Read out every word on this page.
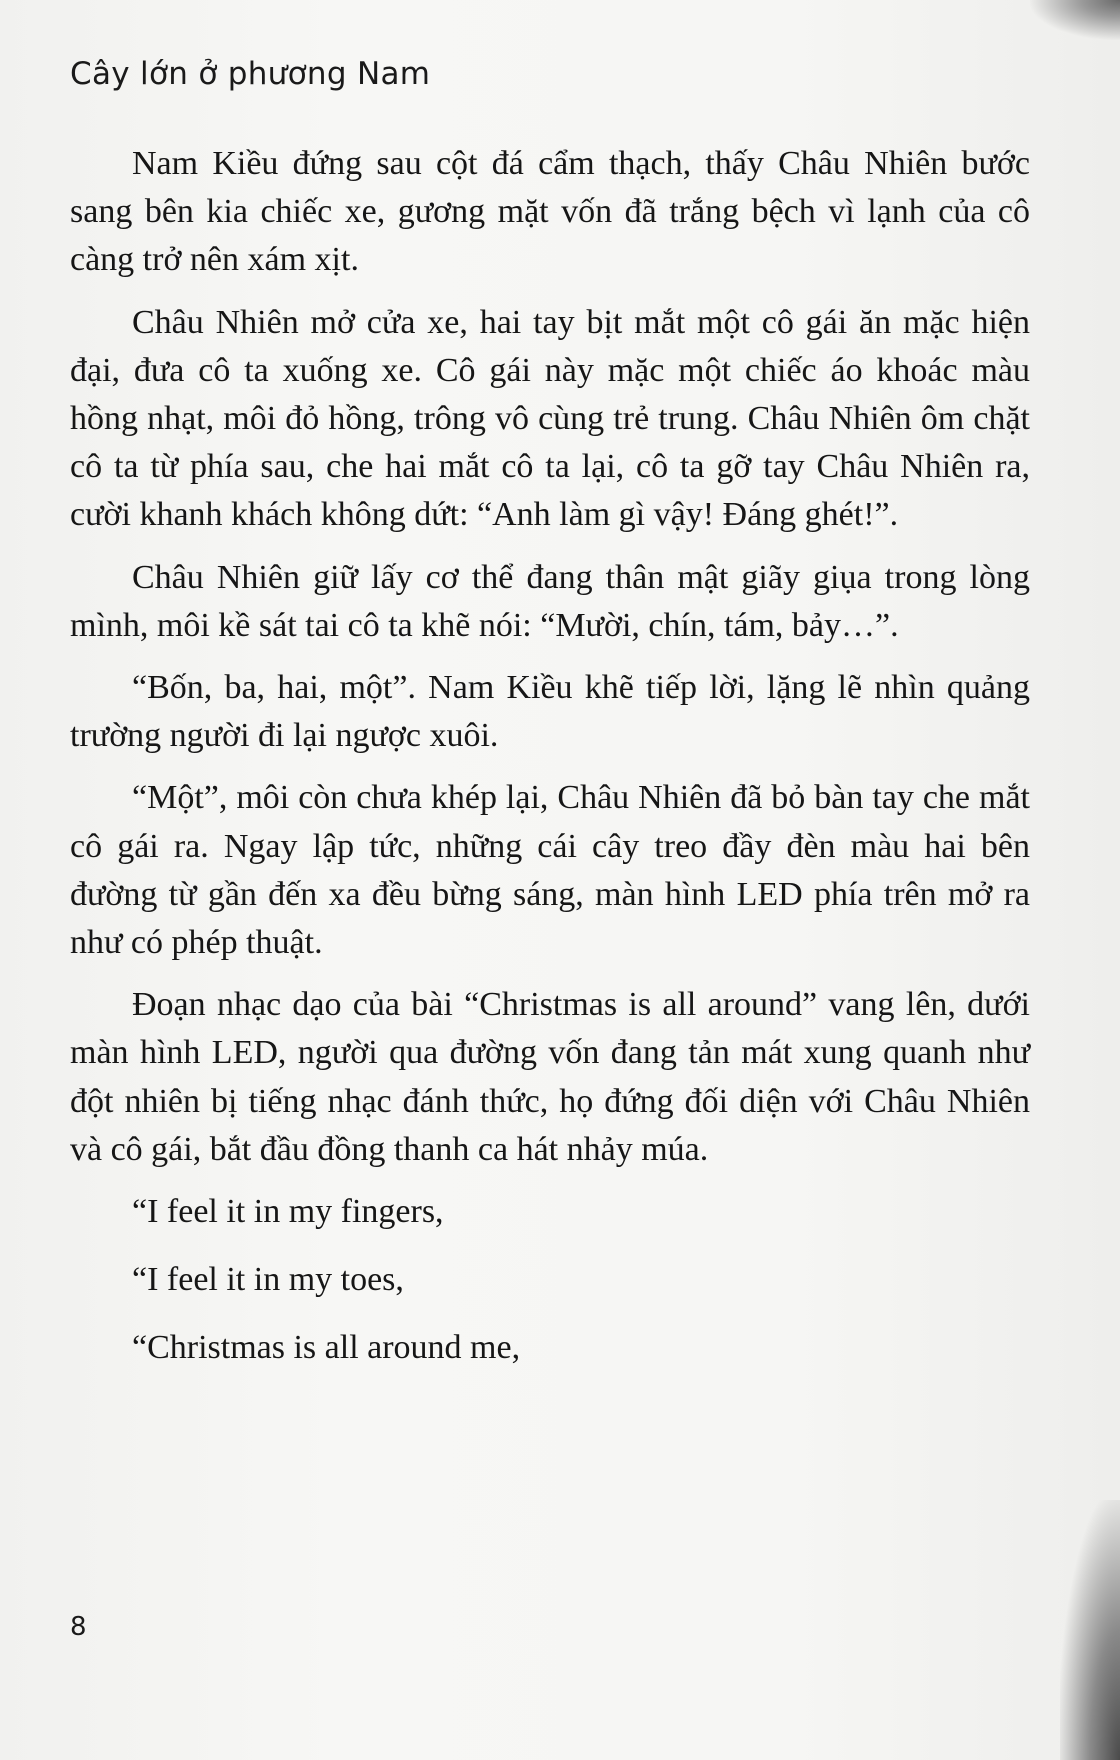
Cây lớn ở phương Nam

Nam Kiều đứng sau cột đá cẩm thạch, thấy Châu Nhiên bước sang bên kia chiếc xe, gương mặt vốn đã trắng bệch vì lạnh của cô càng trở nên xám xịt.

Châu Nhiên mở cửa xe, hai tay bịt mắt một cô gái ăn mặc hiện đại, đưa cô ta xuống xe. Cô gái này mặc một chiếc áo khoác màu hồng nhạt, môi đỏ hồng, trông vô cùng trẻ trung. Châu Nhiên ôm chặt cô ta từ phía sau, che hai mắt cô ta lại, cô ta gỡ tay Châu Nhiên ra, cười khanh khách không dứt: “Anh làm gì vậy! Đáng ghét!”.

Châu Nhiên giữ lấy cơ thể đang thân mật giãy giụa trong lòng mình, môi kề sát tai cô ta khẽ nói: “Mười, chín, tám, bảy…”.

“Bốn, ba, hai, một”. Nam Kiều khẽ tiếp lời, lặng lẽ nhìn quảng trường người đi lại ngược xuôi.

“Một”, môi còn chưa khép lại, Châu Nhiên đã bỏ bàn tay che mắt cô gái ra. Ngay lập tức, những cái cây treo đầy đèn màu hai bên đường từ gần đến xa đều bừng sáng, màn hình LED phía trên mở ra như có phép thuật.

Đoạn nhạc dạo của bài “Christmas is all around” vang lên, dưới màn hình LED, người qua đường vốn đang tản mát xung quanh như đột nhiên bị tiếng nhạc đánh thức, họ đứng đối diện với Châu Nhiên và cô gái, bắt đầu đồng thanh ca hát nhảy múa.

“I feel it in my fingers,

“I feel it in my toes,

“Christmas is all around me,

8
